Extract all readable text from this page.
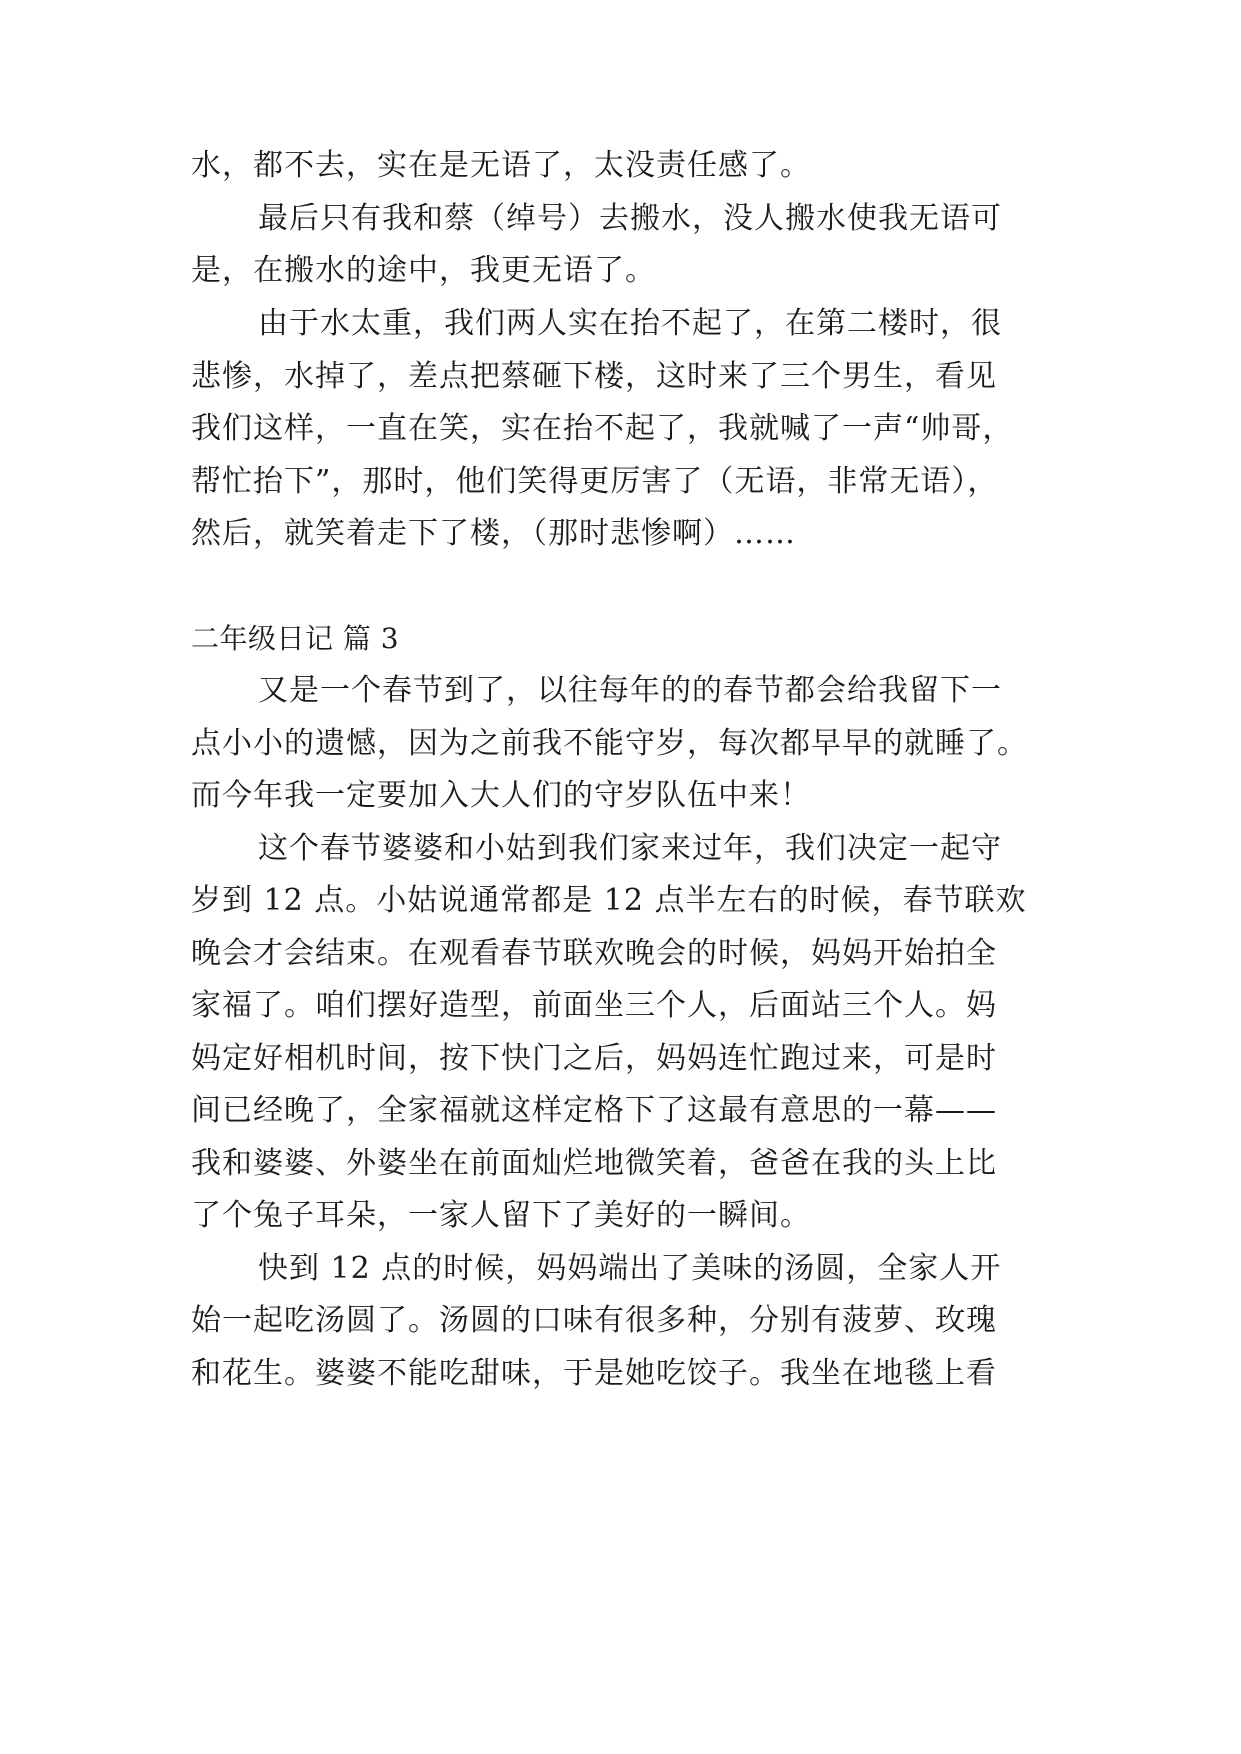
水，都不去，实在是无语了，太没责任感了。
最后只有我和蔡（绰号）去搬水，没人搬水使我无语可
是，在搬水的途中，我更无语了。
由于水太重，我们两人实在抬不起了，在第二楼时，很
悲惨，水掉了，差点把蔡砸下楼，这时来了三个男生，看见
我们这样，一直在笑，实在抬不起了，我就喊了一声“帅哥，
帮忙抬下”，那时，他们笑得更厉害了（无语，非常无语），
然后，就笑着走下了楼，（那时悲惨啊）……
二年级日记 篇 3
又是一个春节到了，以往每年的的春节都会给我留下一
点小小的遗憾，因为之前我不能守岁，每次都早早的就睡了。
而今年我一定要加入大人们的守岁队伍中来！
这个春节婆婆和小姑到我们家来过年，我们决定一起守
岁到 12 点。小姑说通常都是 12 点半左右的时候，春节联欢
晚会才会结束。在观看春节联欢晚会的时候，妈妈开始拍全
家福了。咱们摆好造型，前面坐三个人，后面站三个人。妈
妈定好相机时间，按下快门之后，妈妈连忙跑过来，可是时
间已经晚了，全家福就这样定格下了这最有意思的一幕——
我和婆婆、外婆坐在前面灿烂地微笑着，爸爸在我的头上比
了个兔子耳朵，一家人留下了美好的一瞬间。
快到 12 点的时候，妈妈端出了美味的汤圆，全家人开
始一起吃汤圆了。汤圆的口味有很多种，分别有菠萝、玫瑰
和花生。婆婆不能吃甜味，于是她吃饺子。我坐在地毯上看
